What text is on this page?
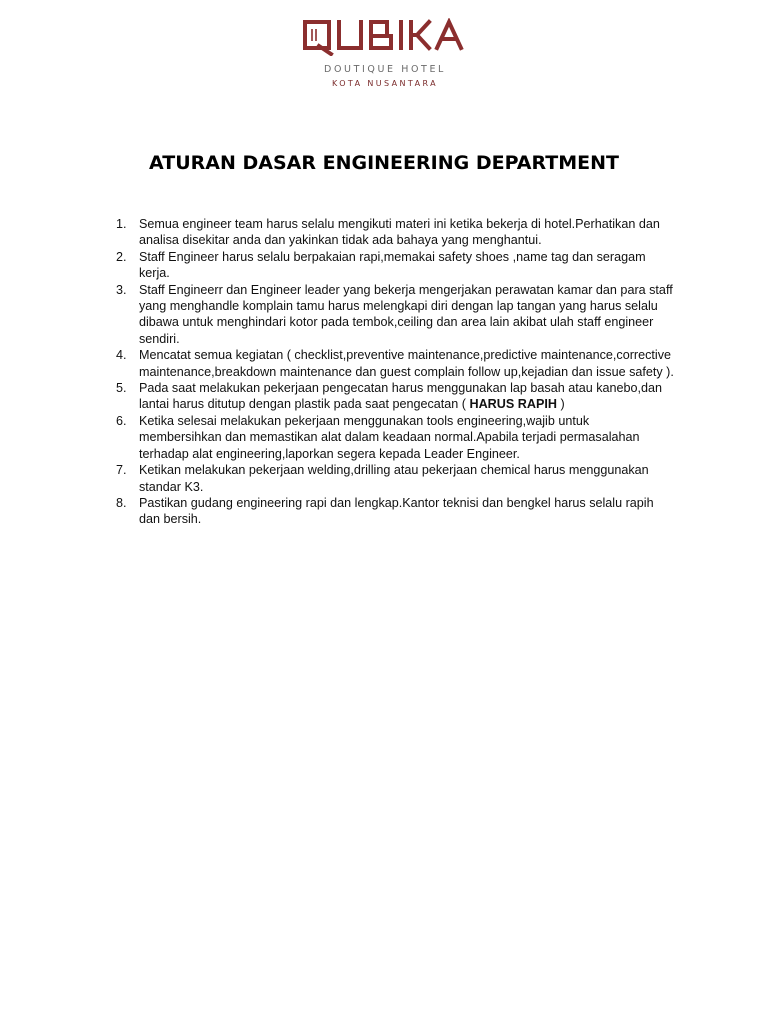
DOUTIQUE HOTEL
KOTA NUSANTARA
ATURAN DASAR ENGINEERING DEPARTMENT
1. Semua engineer team harus selalu mengikuti materi ini ketika bekerja di hotel.Perhatikan dan analisa disekitar anda dan yakinkan tidak ada bahaya yang menghantui.
2. Staff Engineer harus selalu berpakaian rapi,memakai safety shoes ,name tag dan seragam kerja.
3. Staff Engineerr dan Engineer leader yang bekerja mengerjakan perawatan kamar dan para staff yang menghandle komplain tamu harus melengkapi diri dengan lap tangan yang harus selalu dibawa untuk menghindari kotor pada tembok,ceiling dan area lain akibat ulah staff engineer sendiri.
4. Mencatat semua kegiatan ( checklist,preventive maintenance,predictive maintenance,corrective maintenance,breakdown maintenance dan guest complain follow up,kejadian dan issue safety ).
5. Pada saat melakukan pekerjaan pengecatan harus menggunakan lap basah atau kanebo,dan lantai harus ditutup dengan plastik pada saat pengecatan ( HARUS RAPIH )
6. Ketika selesai melakukan pekerjaan menggunakan tools engineering,wajib untuk membersihkan dan memastikan alat dalam keadaan normal.Apabila terjadi permasalahan terhadap alat engineering,laporkan segera kepada Leader Engineer.
7. Ketikan melakukan pekerjaan welding,drilling atau pekerjaan chemical harus menggunakan standar K3.
8. Pastikan gudang engineering rapi dan lengkap.Kantor teknisi dan bengkel harus selalu rapih dan bersih.
